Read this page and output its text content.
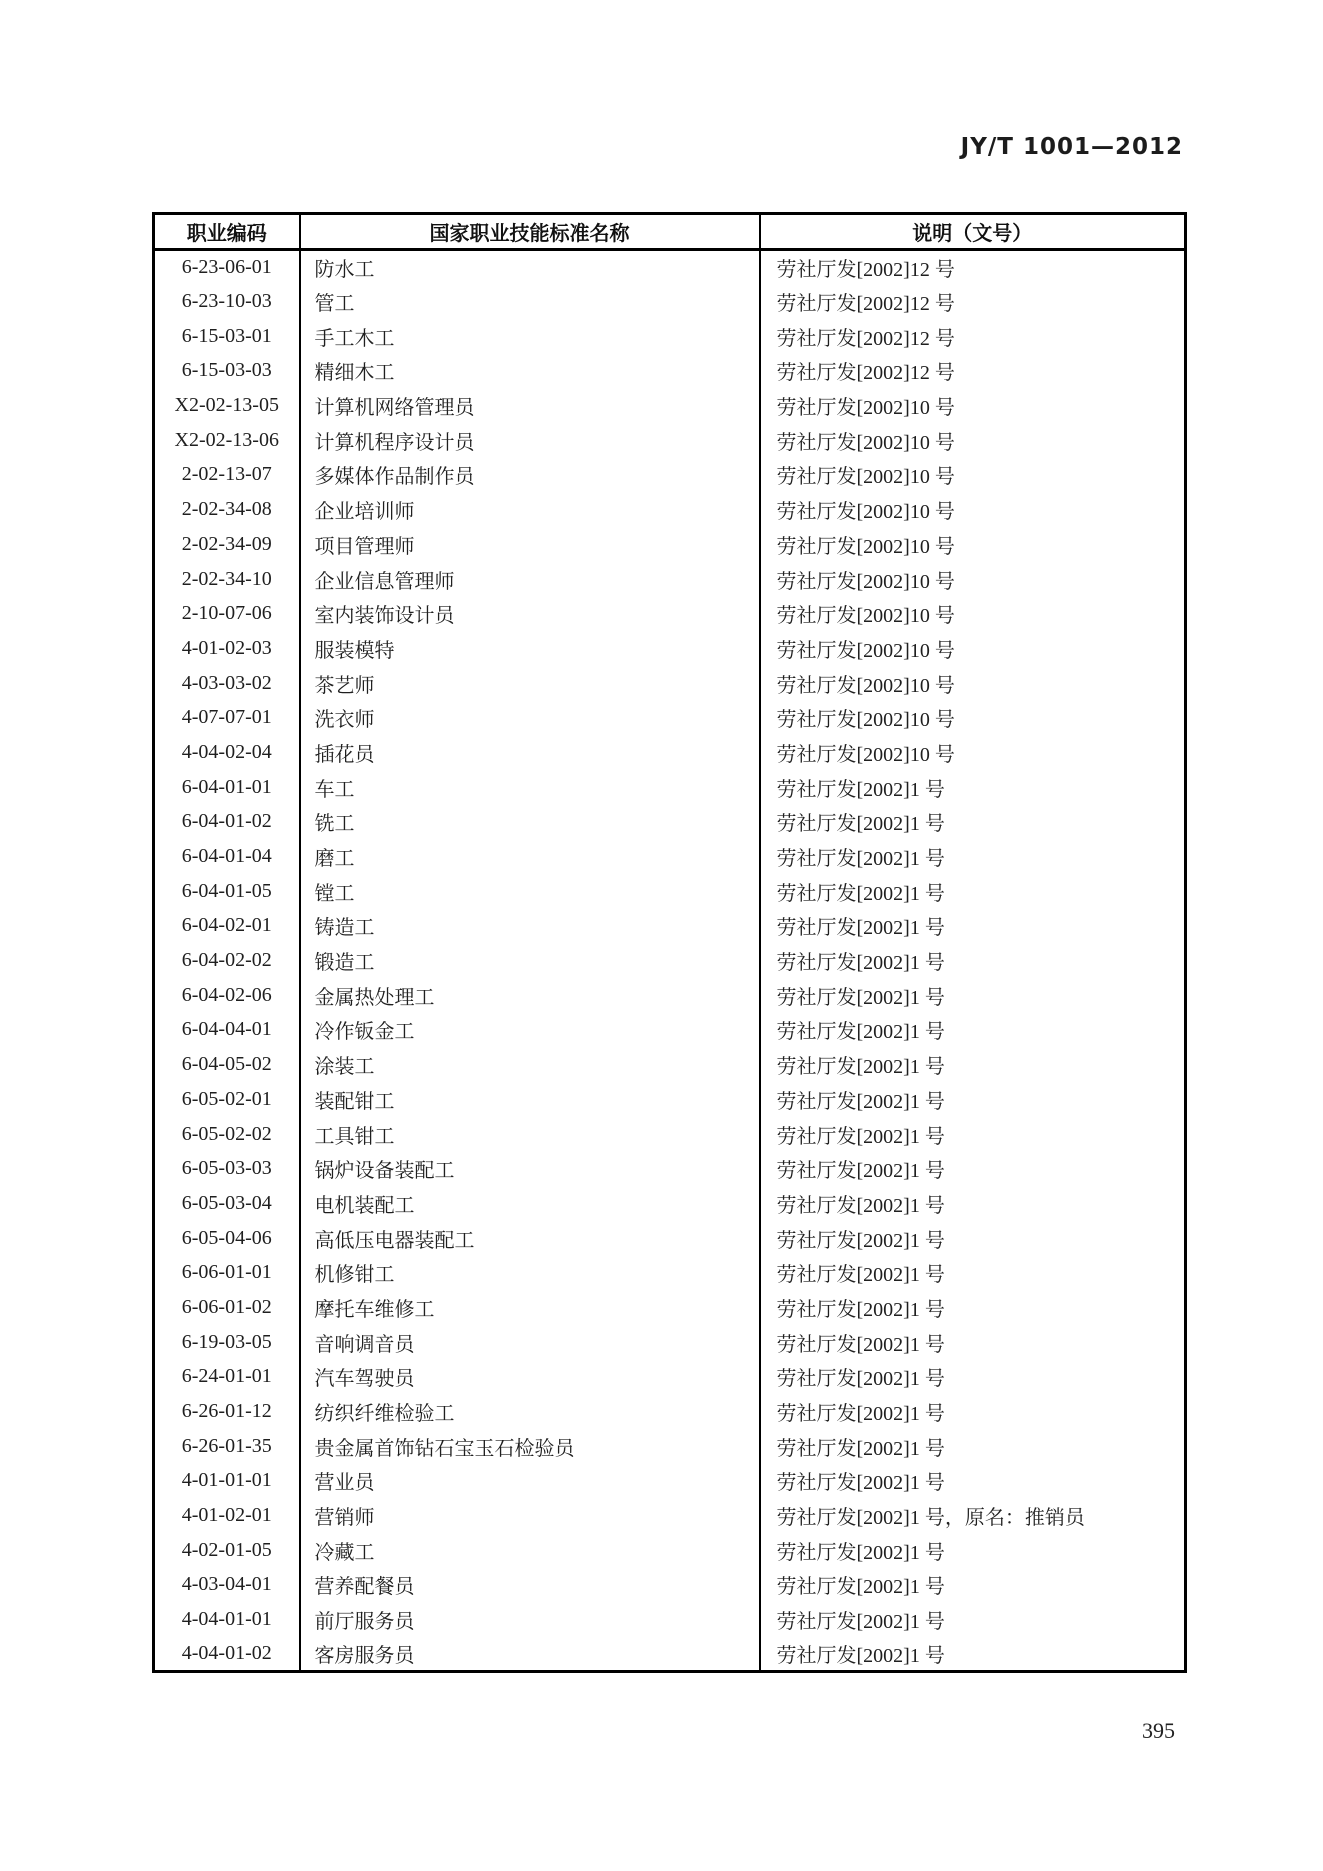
JY/T 1001—2012
职业编码	国家职业技能标准名称	说明（文号）
6-23-06-01	防水工	劳社厅发[2002]12 号
6-23-10-03	管工	劳社厅发[2002]12 号
6-15-03-01	手工木工	劳社厅发[2002]12 号
6-15-03-03	精细木工	劳社厅发[2002]12 号
X2-02-13-05	计算机网络管理员	劳社厅发[2002]10 号
X2-02-13-06	计算机程序设计员	劳社厅发[2002]10 号
2-02-13-07	多媒体作品制作员	劳社厅发[2002]10 号
2-02-34-08	企业培训师	劳社厅发[2002]10 号
2-02-34-09	项目管理师	劳社厅发[2002]10 号
2-02-34-10	企业信息管理师	劳社厅发[2002]10 号
2-10-07-06	室内装饰设计员	劳社厅发[2002]10 号
4-01-02-03	服装模特	劳社厅发[2002]10 号
4-03-03-02	茶艺师	劳社厅发[2002]10 号
4-07-07-01	洗衣师	劳社厅发[2002]10 号
4-04-02-04	插花员	劳社厅发[2002]10 号
6-04-01-01	车工	劳社厅发[2002]1 号
6-04-01-02	铣工	劳社厅发[2002]1 号
6-04-01-04	磨工	劳社厅发[2002]1 号
6-04-01-05	镗工	劳社厅发[2002]1 号
6-04-02-01	铸造工	劳社厅发[2002]1 号
6-04-02-02	锻造工	劳社厅发[2002]1 号
6-04-02-06	金属热处理工	劳社厅发[2002]1 号
6-04-04-01	冷作钣金工	劳社厅发[2002]1 号
6-04-05-02	涂装工	劳社厅发[2002]1 号
6-05-02-01	装配钳工	劳社厅发[2002]1 号
6-05-02-02	工具钳工	劳社厅发[2002]1 号
6-05-03-03	锅炉设备装配工	劳社厅发[2002]1 号
6-05-03-04	电机装配工	劳社厅发[2002]1 号
6-05-04-06	高低压电器装配工	劳社厅发[2002]1 号
6-06-01-01	机修钳工	劳社厅发[2002]1 号
6-06-01-02	摩托车维修工	劳社厅发[2002]1 号
6-19-03-05	音响调音员	劳社厅发[2002]1 号
6-24-01-01	汽车驾驶员	劳社厅发[2002]1 号
6-26-01-12	纺织纤维检验工	劳社厅发[2002]1 号
6-26-01-35	贵金属首饰钻石宝玉石检验员	劳社厅发[2002]1 号
4-01-01-01	营业员	劳社厅发[2002]1 号
4-01-02-01	营销师	劳社厅发[2002]1 号，原名：推销员
4-02-01-05	冷藏工	劳社厅发[2002]1 号
4-03-04-01	营养配餐员	劳社厅发[2002]1 号
4-04-01-01	前厅服务员	劳社厅发[2002]1 号
4-04-01-02	客房服务员	劳社厅发[2002]1 号
395
